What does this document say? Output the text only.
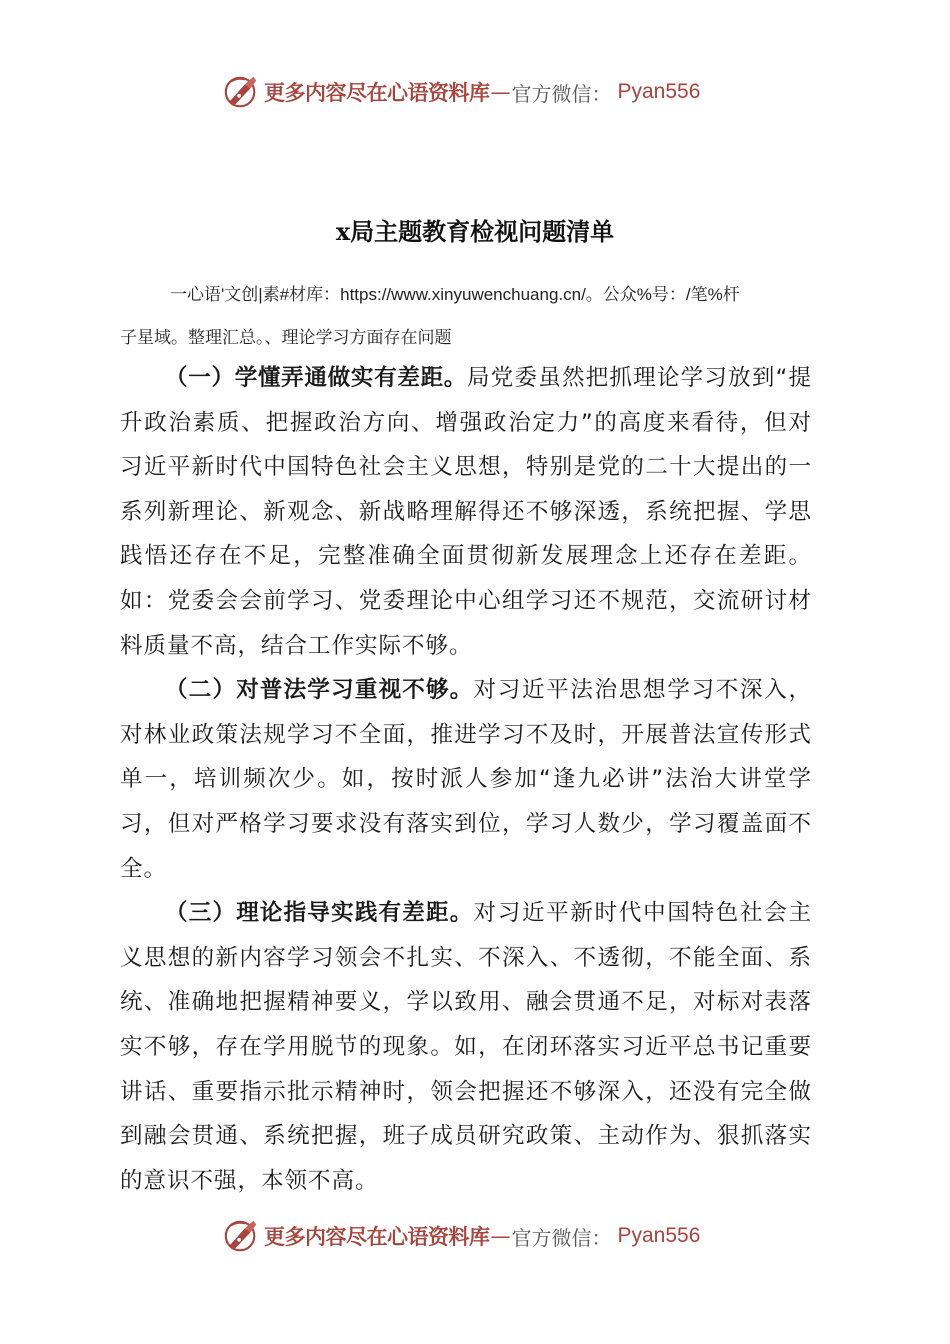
更多内容尽在心语资料库 — 官方微信： Pyan556
x局主题教育检视问题清单
一心语'文创|素#材库：https://www.xinyuwenchuang.cn/。公众%号：/笔%杆
子星域。整理汇总。、理论学习方面存在问题

（一）学懂弄通做实有差距。局党委虽然把抓理论学习放到“提升政治素质、把握政治方向、增强政治定力”的高度来看待，但对习近平新时代中国特色社会主义思想，特别是党的二十大提出的一系列新理论、新观念、新战略理解得还不够深透，系统把握、学思践悟还存在不足，完整准确全面贯彻新发展理念上还存在差距。如：党委会会前学习、党委理论中心组学习还不规范，交流研讨材料质量不高，结合工作实际不够。

（二）对普法学习重视不够。对习近平法治思想学习不深入，对林业政策法规学习不全面，推进学习不及时，开展普法宣传形式单一，培训频次少。如，按时派人参加“逢九必讲”法治大讲堂学习，但对严格学习要求没有落实到位，学习人数少，学习覆盖面不全。

（三）理论指导实践有差距。对习近平新时代中国特色社会主义思想的新内容学习领会不扎实、不深入、不透彻，不能全面、系统、准确地把握精神要义，学以致用、融会贯通不足，对标对表落实不够，存在学用脱节的现象。如，在闭环落实习近平总书记重要讲话、重要指示批示精神时，领会把握还不够深入，还没有完全做到融会贯通、系统把握，班子成员研究政策、主动作为、狠抓落实的意识不强，本领不高。

更多内容尽在心语资料库 — 官方微信： Pyan556
